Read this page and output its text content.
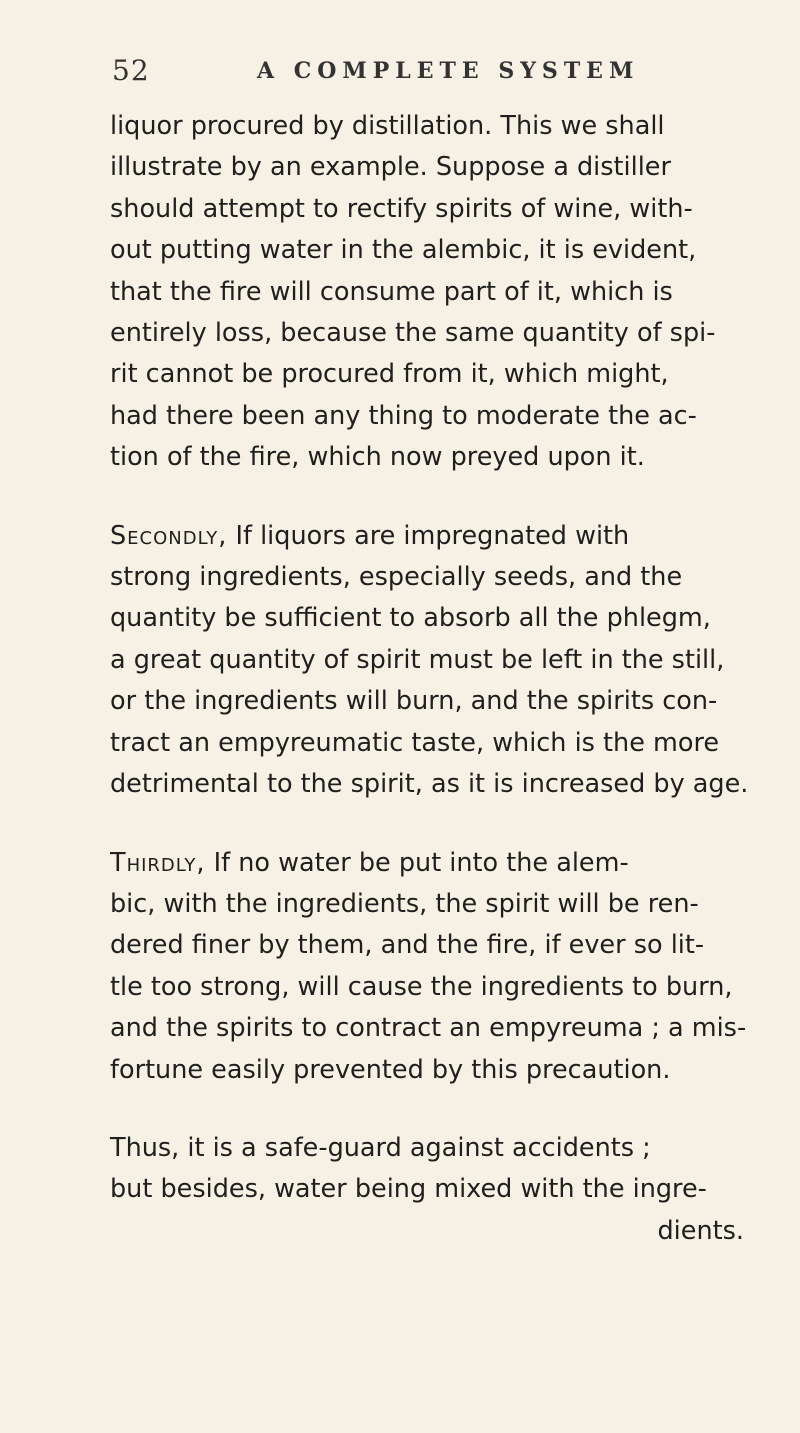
52	A COMPLETE SYSTEM
liquor procured by distillation. This we shall
illustrate by an example. Suppose a distiller
should attempt to rectify spirits of wine, with-
out putting water in the alembic, it is evident,
that the fire will consume part of it, which is
entirely loss, because the same quantity of spi-
rit cannot be procured from it, which might,
had there been any thing to moderate the ac-
tion of the fire, which now preyed upon it.
Secondly, If liquors are impregnated with
strong ingredients, especially seeds, and the
quantity be sufficient to absorb all the phlegm,
a great quantity of spirit must be left in the still,
or the ingredients will burn, and the spirits con-
tract an empyreumatic taste, which is the more
detrimental to the spirit, as it is increased by age.
Thirdly, If no water be put into the alem-
bic, with the ingredients, the spirit will be ren-
dered finer by them, and the fire, if ever so lit-
tle too strong, will cause the ingredients to burn,
and the spirits to contract an empyreuma ; a mis-
fortune easily prevented by this precaution.
Thus, it is a safe-guard against accidents ;
but besides, water being mixed with the ingre-
dients.
